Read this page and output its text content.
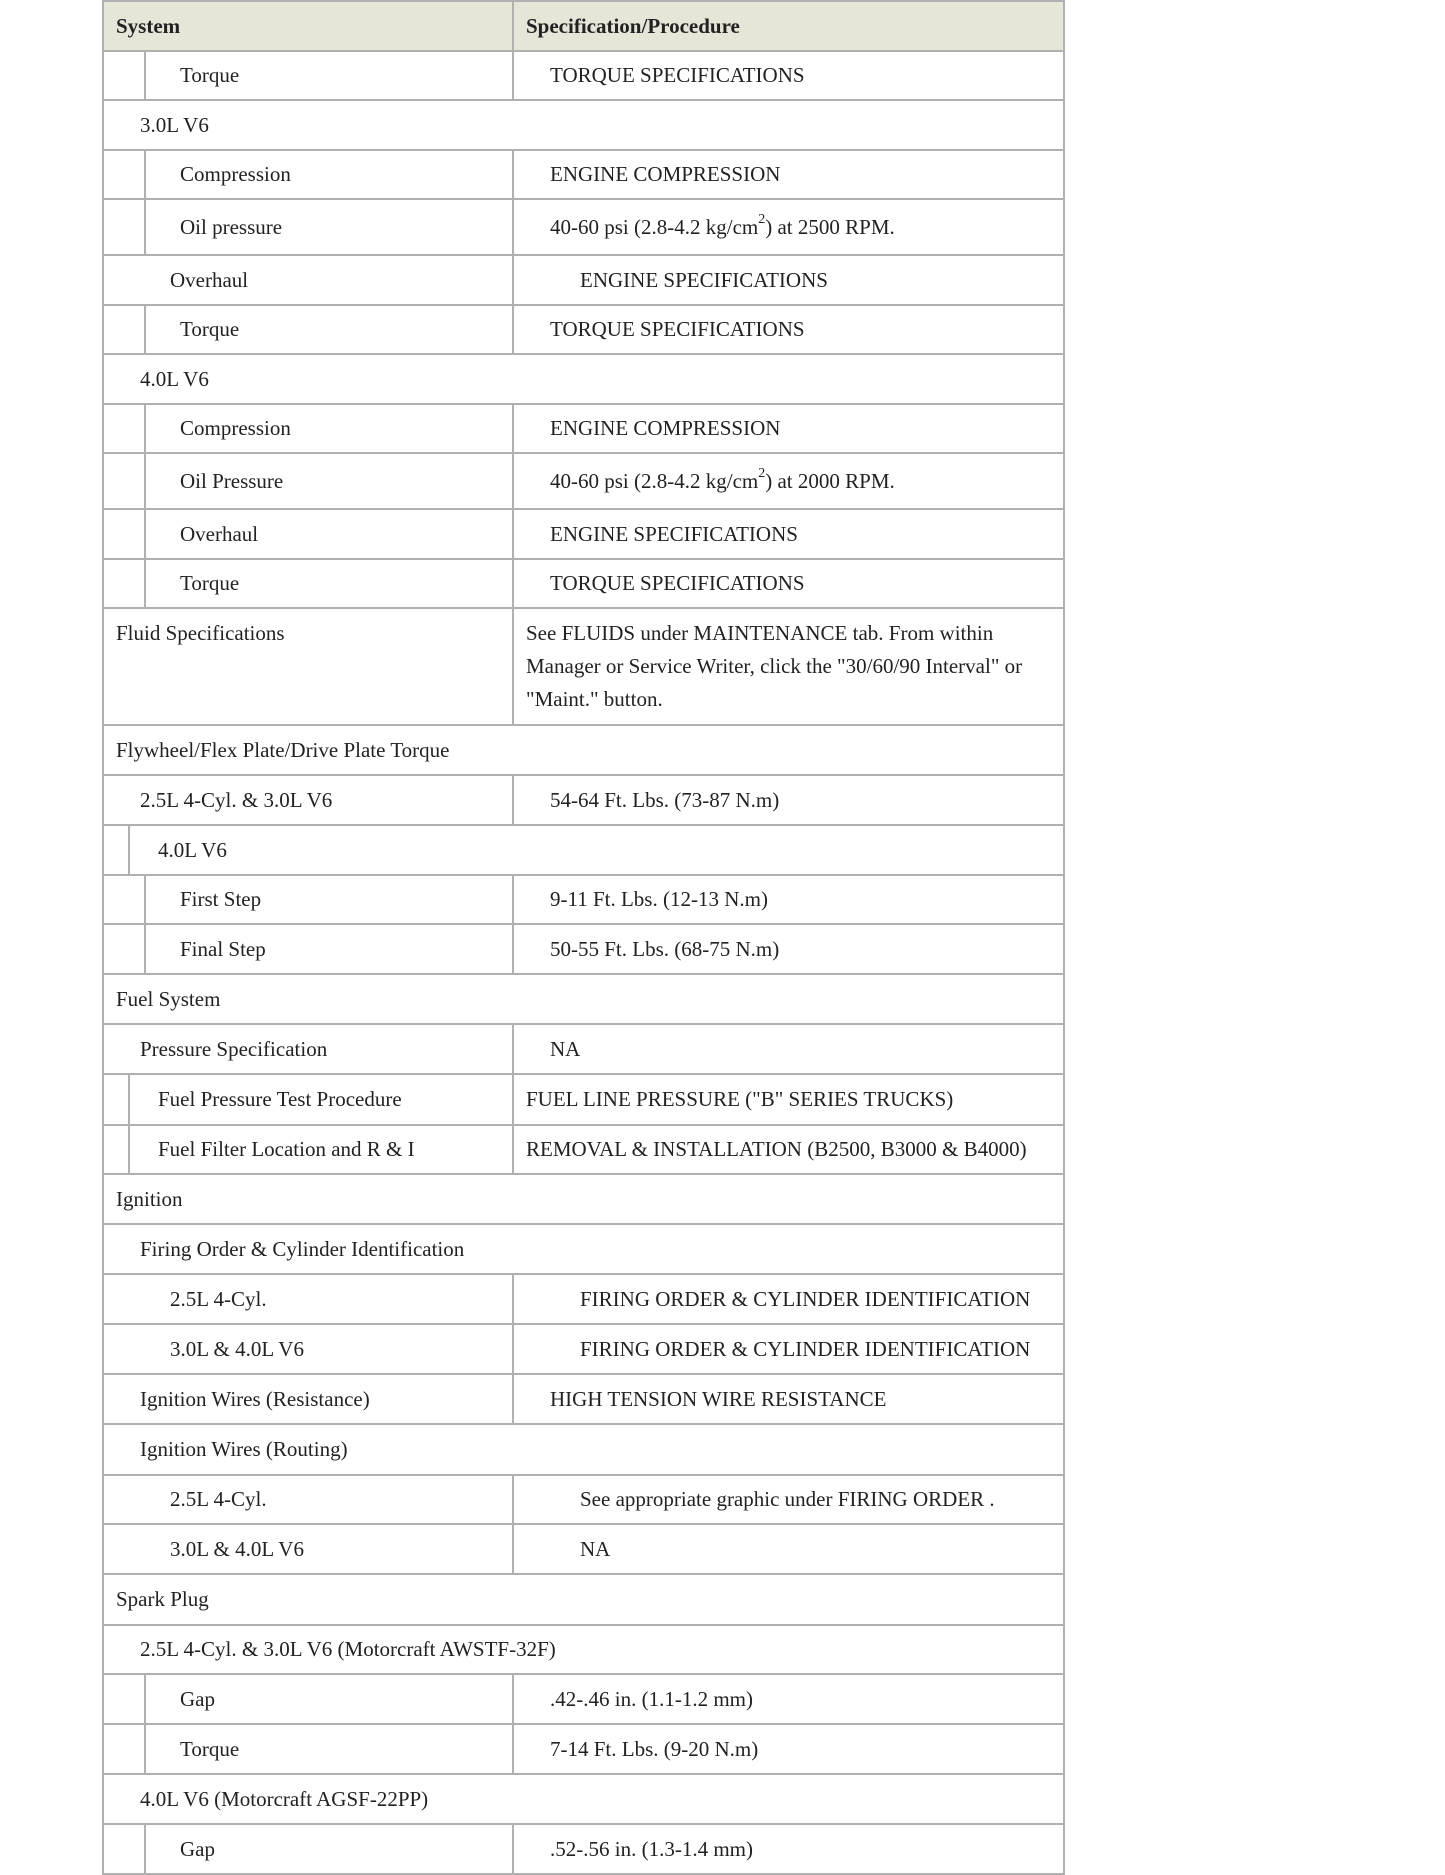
System	Specification/Procedure
Torque	TORQUE SPECIFICATIONS
3.0L V6
Compression	ENGINE COMPRESSION
Oil pressure	40-60 psi (2.8-4.2 $kg/cm^2$ ) at 2500 RPM.
Overhaul	ENGINE SPECIFICATIONS
Torque	TORQUE SPECIFICATIONS
4.0L V6
Compression	ENGINE COMPRESSION
Oil Pressure	40-60 psi (2.8-4.2 $kg/cm^2$ ) at 2000 RPM.
Overhaul	ENGINE SPECIFICATIONS
Torque	TORQUE SPECIFICATIONS
Fluid Specifications	See FLUIDS under MAINTENANCE tab. From within Manager or Service Writer, click the "30/60/90 Interval" or "Maint." button.
Flywheel/Flex Plate/Drive Plate Torque
2.5L 4-Cyl. & 3.0L V6	54-64 Ft. Lbs. (73-87 N.m)
4.0L V6
First Step	9-11 Ft. Lbs. (12-13 N.m)
Final Step	50-55 Ft. Lbs. (68-75 N.m)
Fuel System
Pressure Specification	NA
Fuel Pressure Test Procedure	FUEL LINE PRESSURE ("B" SERIES TRUCKS)
Fuel Filter Location and R & I	REMOVAL & INSTALLATION (B2500, B3000 & B4000)
Ignition
Firing Order & Cylinder Identification
2.5L 4-Cyl.	FIRING ORDER & CYLINDER IDENTIFICATION
3.0L & 4.0L V6	FIRING ORDER & CYLINDER IDENTIFICATION
Ignition Wires (Resistance)	HIGH TENSION WIRE RESISTANCE
Ignition Wires (Routing)
2.5L 4-Cyl.	See appropriate graphic under FIRING ORDER .
3.0L & 4.0L V6	NA
Spark Plug
2.5L 4-Cyl. & 3.0L V6 (Motorcraft AWSTF-32F)
Gap	.42-.46 in. (1.1-1.2 mm)
Torque	7-14 Ft. Lbs. (9-20 N.m)
4.0L V6 (Motorcraft AGSF-22PP)
Gap	.52-.56 in. (1.3-1.4 mm)
